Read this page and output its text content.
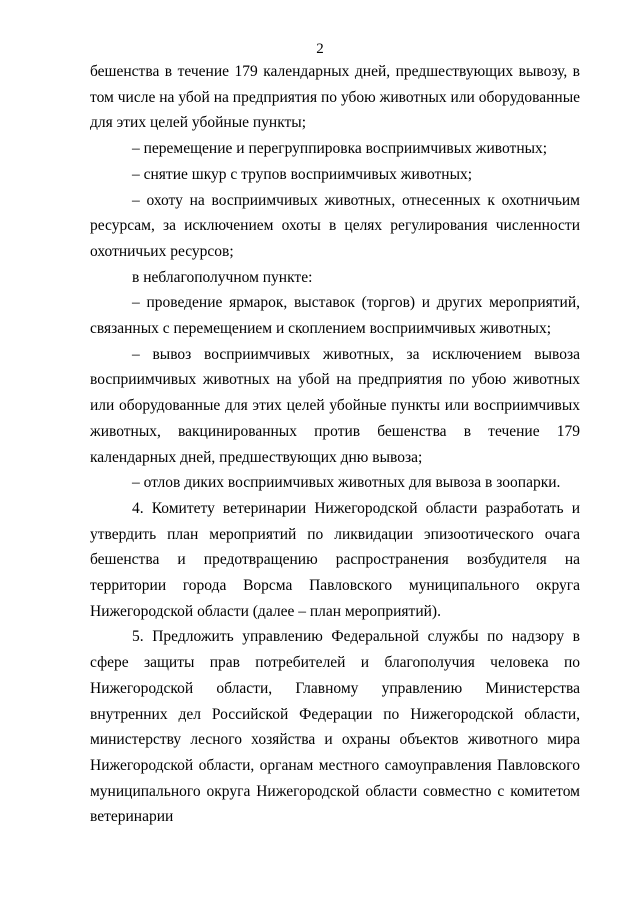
2

бешенства в течение 179 календарных дней, предшествующих вывозу, в том числе на убой на предприятия по убою животных или оборудованные для этих целей убойные пункты;

– перемещение и перегруппировка восприимчивых животных;

– снятие шкур с трупов восприимчивых животных;

– охоту на восприимчивых животных, отнесенных к охотничьим ресурсам, за исключением охоты в целях регулирования численности охотничьих ресурсов;

в неблагополучном пункте:

– проведение ярмарок, выставок (торгов) и других мероприятий, связанных с перемещением и скоплением восприимчивых животных;

– вывоз восприимчивых животных, за исключением вывоза восприимчивых животных на убой на предприятия по убою животных или оборудованные для этих целей убойные пункты или восприимчивых животных, вакцинированных против бешенства в течение 179 календарных дней, предшествующих дню вывоза;

– отлов диких восприимчивых животных для вывоза в зоопарки.

4. Комитету ветеринарии Нижегородской области разработать и утвердить план мероприятий по ликвидации эпизоотического очага бешенства и предотвращению распространения возбудителя на территории города Ворсма Павловского муниципального округа Нижегородской области (далее – план мероприятий).

5. Предложить управлению Федеральной службы по надзору в сфере защиты прав потребителей и благополучия человека по Нижегородской области, Главному управлению Министерства внутренних дел Российской Федерации по Нижегородской области, министерству лесного хозяйства и охраны объектов животного мира Нижегородской области, органам местного самоуправления Павловского муниципального округа Нижегородской области совместно с комитетом ветеринарии
